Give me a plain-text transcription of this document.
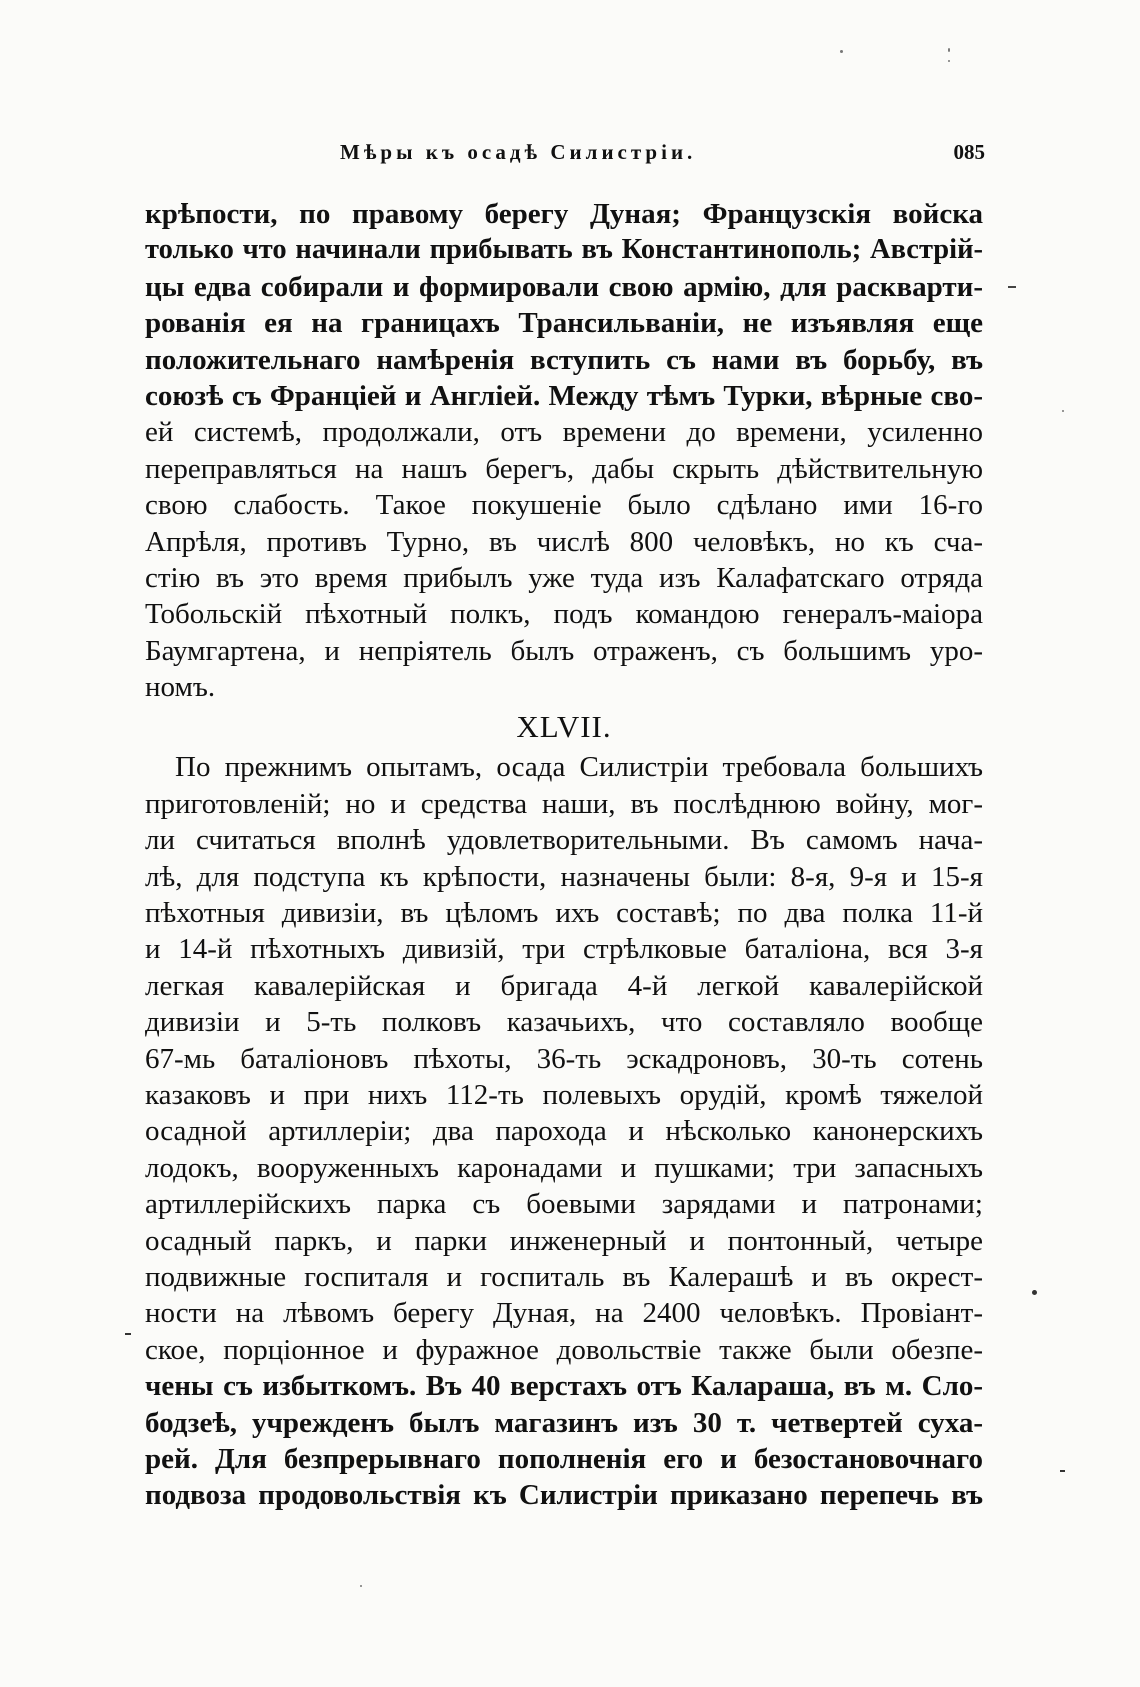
Мѣры къ осадѣ Силистріи.	085
крѣпости, по правому берегу Дуная; Французскія войска
только что начинали прибывать въ Константинополь; Австрій-
цы едва собирали и формировали свою армію, для раскварти-
рованія ея на границахъ Трансильваніи, не изъявляя еще
положительнаго намѣренія вступить съ нами въ борьбу, въ
союзѣ съ Франціей и Англіей. Между тѣмъ Турки, вѣрные сво-
ей системѣ, продолжали, отъ времени до времени, усиленно
переправляться на нашъ берегъ, дабы скрыть дѣйствительную
свою слабость. Такое покушеніе было сдѣлано ими 16-го
Апрѣля, противъ Турно, въ числѣ 800 человѣкъ, но къ сча-
стію въ это время прибылъ уже туда изъ Калафатскаго отряда
Тобольскій пѣхотный полкъ, подъ командою генералъ-маіора
Баумгартена, и непріятель былъ отраженъ, съ большимъ уро-
номъ.
XLVII.
По прежнимъ опытамъ, осада Силистріи требовала большихъ
приготовленій; но и средства наши, въ послѣднюю войну, мог-
ли считаться вполнѣ удовлетворительными. Въ самомъ нача-
лѣ, для подступа къ крѣпости, назначены были: 8-я, 9-я и 15-я
пѣхотныя дивизіи, въ цѣломъ ихъ составѣ; по два полка 11-й
и 14-й пѣхотныхъ дивизій, три стрѣлковые баталіона, вся 3-я
легкая кавалерійская и бригада 4-й легкой кавалерійской
дивизіи и 5-ть полковъ казачьихъ, что составляло вообще
67-мь баталіоновъ пѣхоты, 36-ть эскадроновъ, 30-ть сотень
казаковъ и при нихъ 112-ть полевыхъ орудій, кромѣ тяжелой
осадной артиллеріи; два парохода и нѣсколько канонерскихъ
лодокъ, вооруженныхъ каронадами и пушками; три запасныхъ
артиллерійскихъ парка съ боевыми зарядами и патронами;
осадный паркъ, и парки инженерный и понтонный, четыре
подвижные госпиталя и госпиталь въ Калерашѣ и въ окрест-
ности на лѣвомъ берегу Дуная, на 2400 человѣкъ. Провіант-
ское, порціонное и фуражное довольствіе также были обезпе-
чены съ избыткомъ. Въ 40 верстахъ отъ Калараша, въ м. Сло-
бодзеѣ, учрежденъ былъ магазинъ изъ 30 т. четвертей суха-
рей. Для безпрерывнаго пополненія его и безостановочнаго
подвоза продовольствія къ Силистріи приказано перепечь въ
